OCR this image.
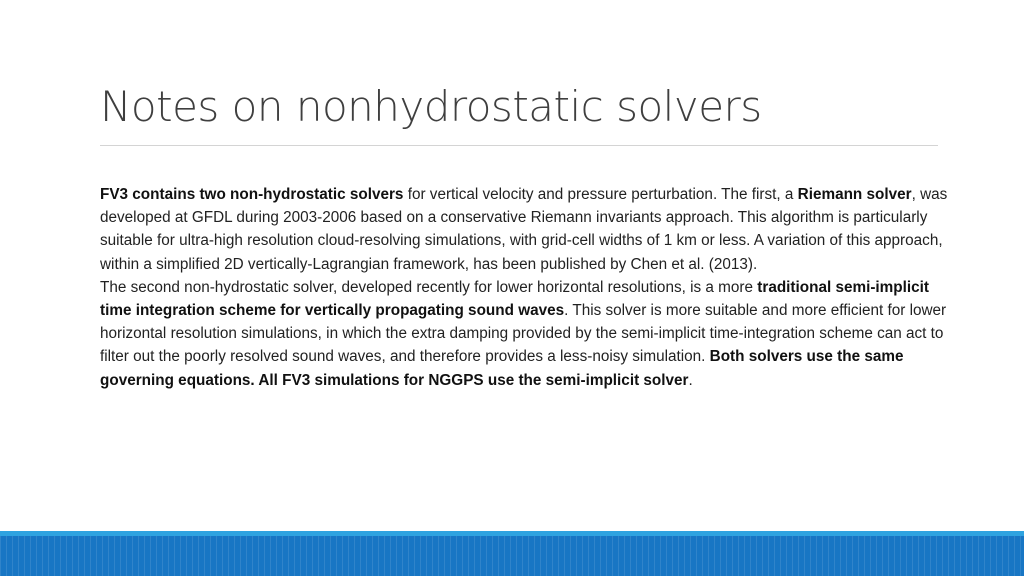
Notes on nonhydrostatic solvers

FV3 contains two non-hydrostatic solvers for vertical velocity and pressure perturbation. The first, a Riemann solver, was developed at GFDL during 2003-2006 based on a conservative Riemann invariants approach. This algorithm is particularly suitable for ultra-high resolution cloud-resolving simulations, with grid-cell widths of 1 km or less. A variation of this approach, within a simplified 2D vertically-Lagrangian framework, has been published by Chen et al. (2013).

The second non-hydrostatic solver, developed recently for lower horizontal resolutions, is a more traditional semi-implicit time integration scheme for vertically propagating sound waves. This solver is more suitable and more efficient for lower horizontal resolution simulations, in which the extra damping provided by the semi-implicit time-integration scheme can act to filter out the poorly resolved sound waves, and therefore provides a less-noisy simulation. Both solvers use the same governing equations. All FV3 simulations for NGGPS use the semi-implicit solver.
